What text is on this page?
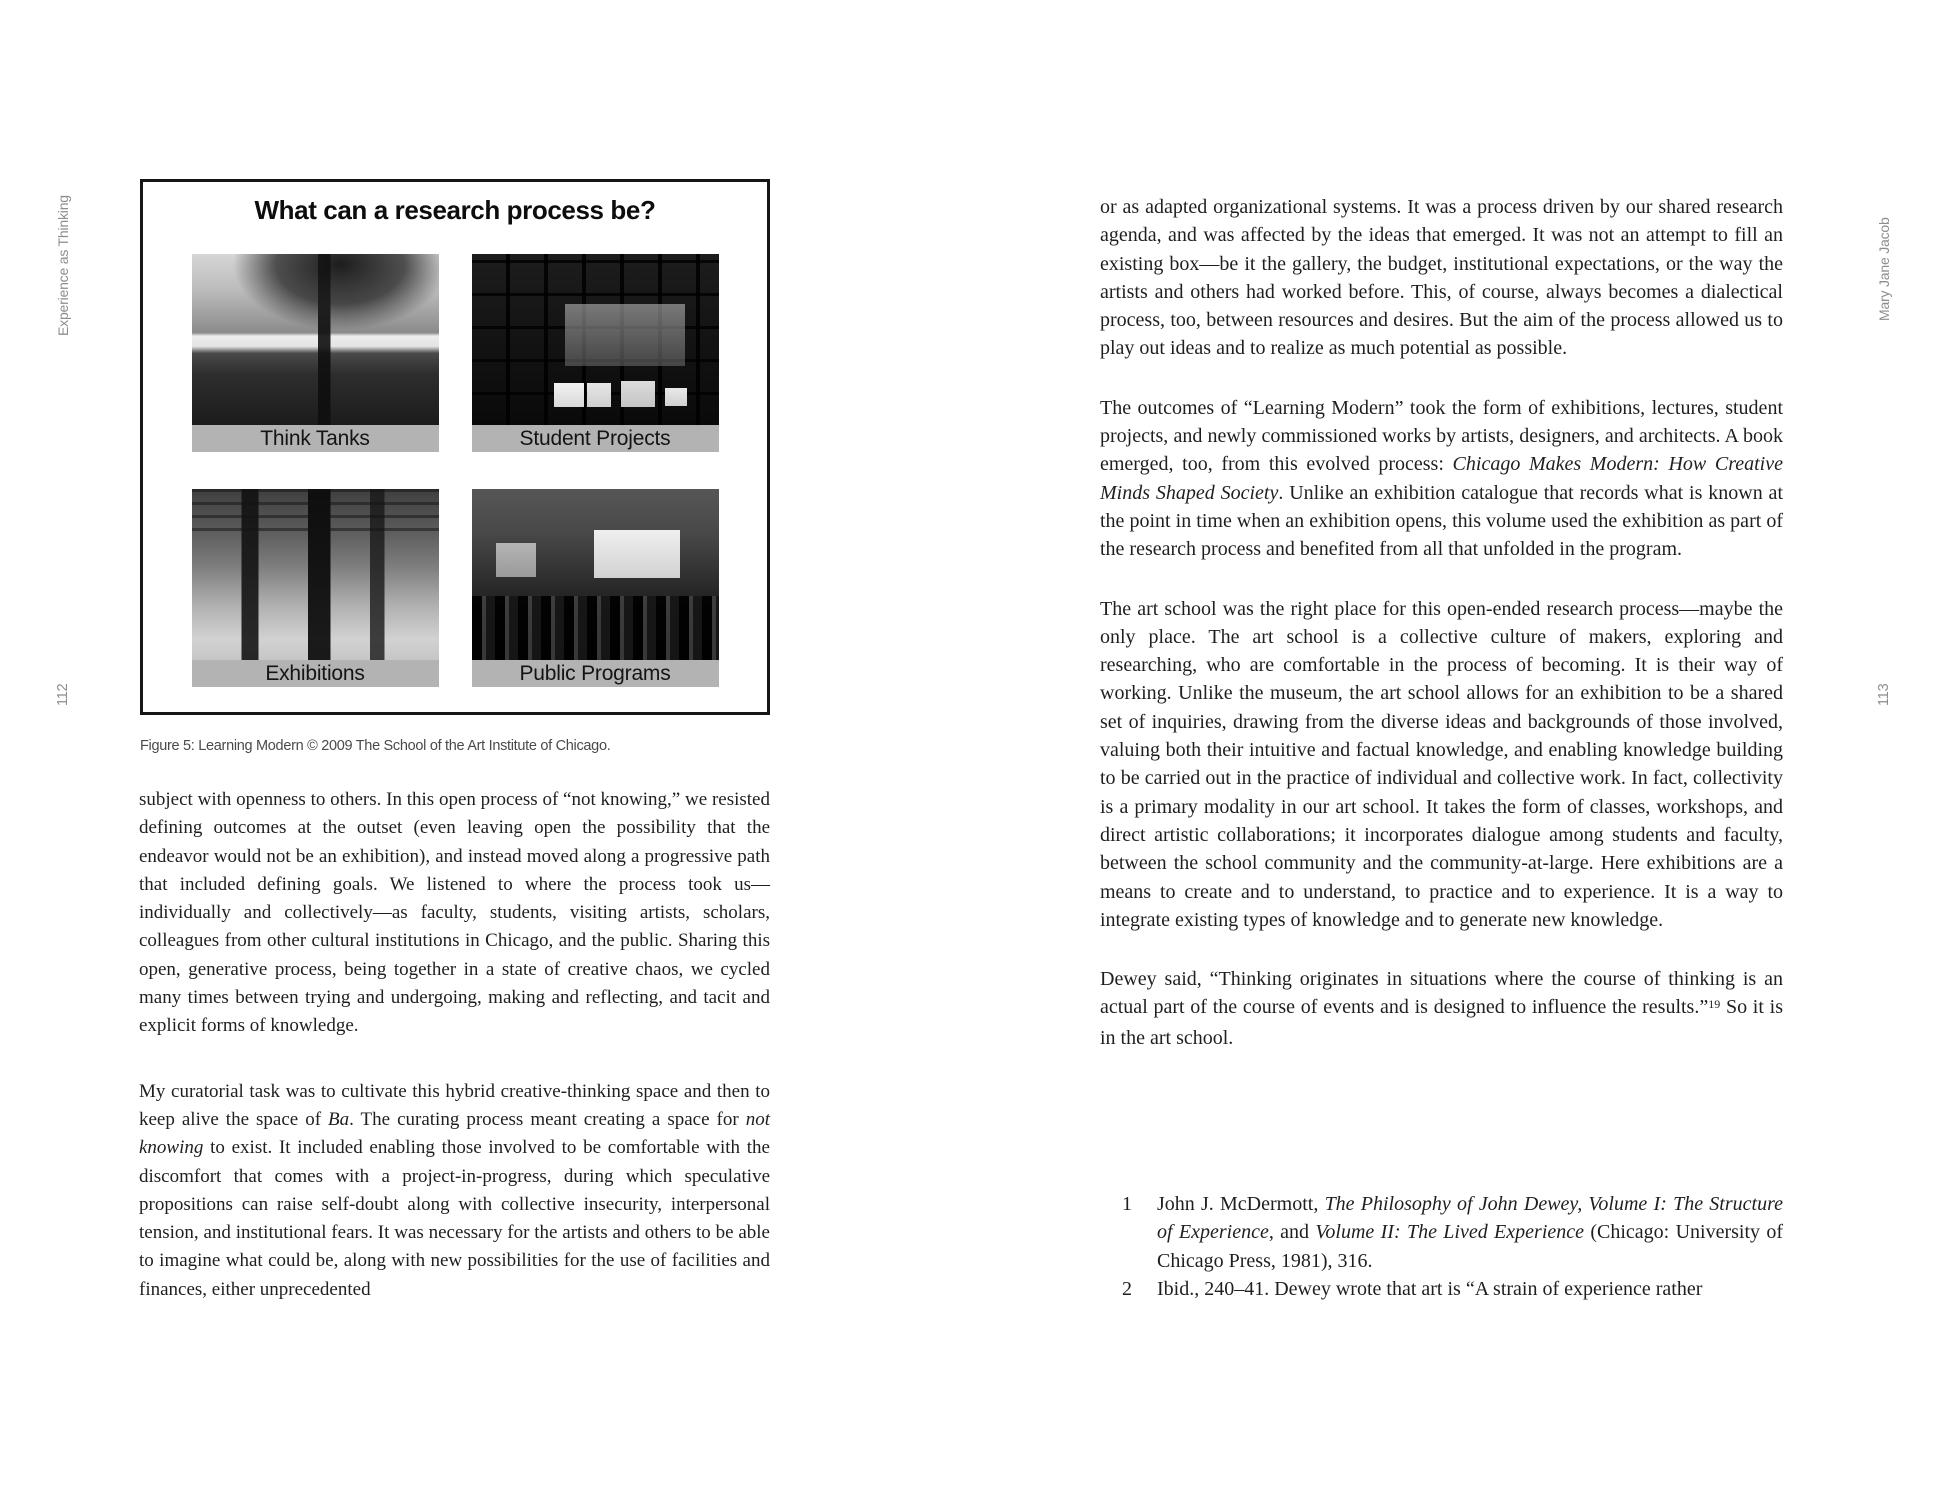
Experience as Thinking
112
Mary Jane Jacob
113
What can a research process be?
Think Tanks	Student Projects
Exhibitions	Public Programs
Figure 5: Learning Modern © 2009 The School of the Art Institute of Chicago.

subject with openness to others. In this open process of “not knowing,” we resisted defining outcomes at the outset (even leaving open the possibility that the endeavor would not be an exhibition), and instead moved along a progressive path that included defining goals. We listened to where the process took us—individually and collectively—as faculty, students, visiting artists, scholars, colleagues from other cultural institutions in Chicago, and the public. Sharing this open, generative process, being together in a state of creative chaos, we cycled many times between trying and undergoing, making and reflecting, and tacit and explicit forms of knowledge.

My curatorial task was to cultivate this hybrid creative-thinking space and then to keep alive the space of Ba. The curating process meant creating a space for not knowing to exist. It included enabling those involved to be comfortable with the discomfort that comes with a project-in-progress, during which speculative propositions can raise self-doubt along with collective insecurity, interpersonal tension, and institutional fears. It was necessary for the artists and others to be able to imagine what could be, along with new possibilities for the use of facilities and finances, either unprecedented

or as adapted organizational systems. It was a process driven by our shared research agenda, and was affected by the ideas that emerged. It was not an attempt to fill an existing box—be it the gallery, the budget, institutional expectations, or the way the artists and others had worked before. This, of course, always becomes a dialectical process, too, between resources and desires. But the aim of the process allowed us to play out ideas and to realize as much potential as possible.

The outcomes of “Learning Modern” took the form of exhibitions, lectures, student projects, and newly commissioned works by artists, designers, and architects. A book emerged, too, from this evolved process: Chicago Makes Modern: How Creative Minds Shaped Society. Unlike an exhibition catalogue that records what is known at the point in time when an exhibition opens, this volume used the exhibition as part of the research process and benefited from all that unfolded in the program.

The art school was the right place for this open-ended research process—maybe the only place. The art school is a collective culture of makers, exploring and researching, who are comfortable in the process of becoming. It is their way of working. Unlike the museum, the art school allows for an exhibition to be a shared set of inquiries, drawing from the diverse ideas and backgrounds of those involved, valuing both their intuitive and factual knowledge, and enabling knowledge building to be carried out in the practice of individual and collective work. In fact, collectivity is a primary modality in our art school. It takes the form of classes, workshops, and direct artistic collaborations; it incorporates dialogue among students and faculty, between the school community and the community-at-large. Here exhibitions are a means to create and to understand, to practice and to experience. It is a way to integrate existing types of knowledge and to generate new knowledge.

Dewey said, “Thinking originates in situations where the course of thinking is an actual part of the course of events and is designed to influence the results.”$^{19}$ So it is in the art school.

1 John J. McDermott, The Philosophy of John Dewey, Volume I: The Structure of Experience, and Volume II: The Lived Experience (Chicago: University of Chicago Press, 1981), 316.
2 Ibid., 240–41. Dewey wrote that art is “A strain of experience rather
